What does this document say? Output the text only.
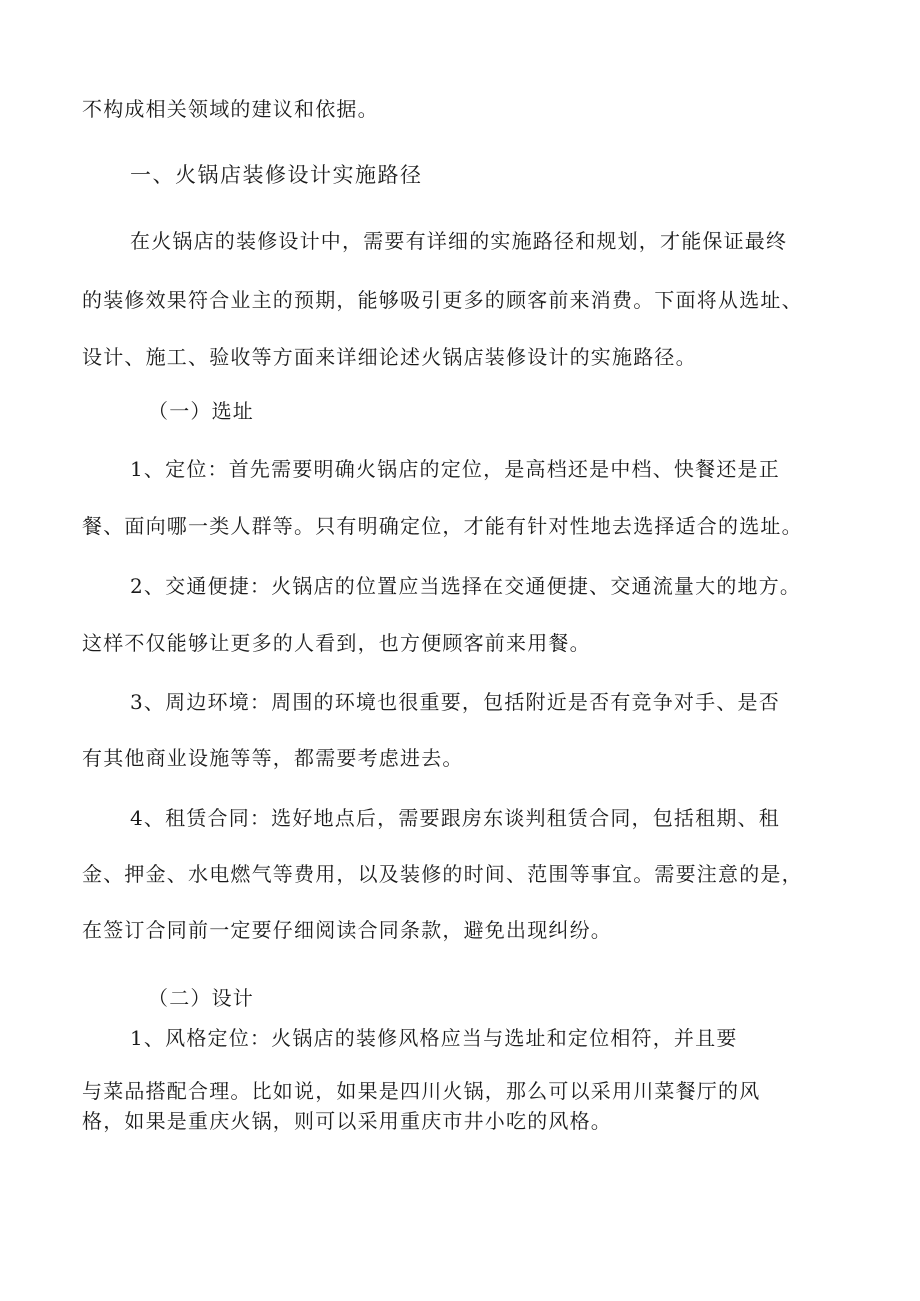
不构成相关领域的建议和依据。
一、火锅店装修设计实施路径
在火锅店的装修设计中，需要有详细的实施路径和规划，才能保证最终
的装修效果符合业主的预期，能够吸引更多的顾客前来消费。下面将从选址、
设计、施工、验收等方面来详细论述火锅店装修设计的实施路径。
（一）选址
1、定位：首先需要明确火锅店的定位，是高档还是中档、快餐还是正
餐、面向哪一类人群等。只有明确定位，才能有针对性地去选择适合的选址。
2、交通便捷：火锅店的位置应当选择在交通便捷、交通流量大的地方。
这样不仅能够让更多的人看到，也方便顾客前来用餐。
3、周边环境：周围的环境也很重要，包括附近是否有竞争对手、是否
有其他商业设施等等，都需要考虑进去。
4、租赁合同：选好地点后，需要跟房东谈判租赁合同，包括租期、租
金、押金、水电燃气等费用，以及装修的时间、范围等事宜。需要注意的是，
在签订合同前一定要仔细阅读合同条款，避免出现纠纷。
（二）设计
1、风格定位：火锅店的装修风格应当与选址和定位相符，并且要
与菜品搭配合理。比如说，如果是四川火锅，那么可以采用川菜餐厅的风
格，如果是重庆火锅，则可以采用重庆市井小吃的风格。
